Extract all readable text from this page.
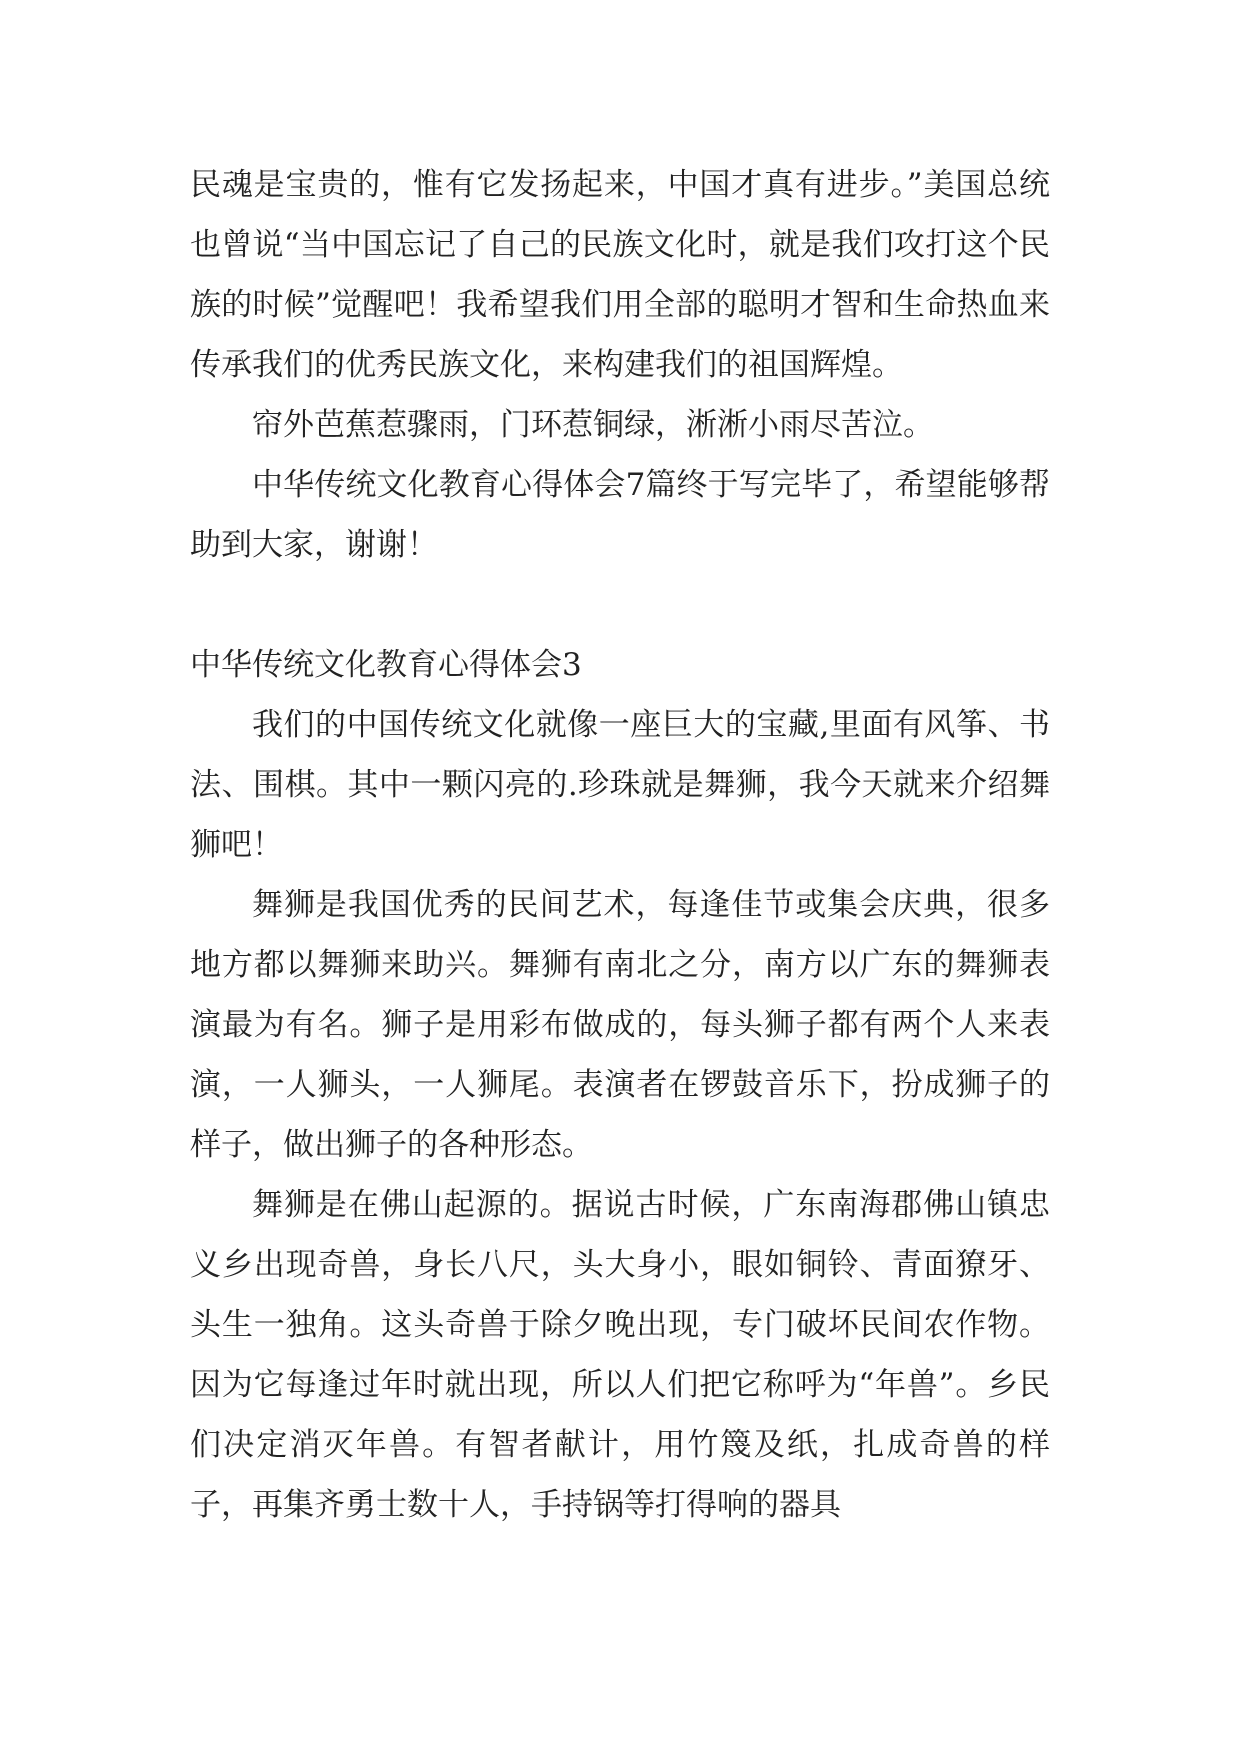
民魂是宝贵的，惟有它发扬起来，中国才真有进步。”美国总统也曾说“当中国忘记了自己的民族文化时，就是我们攻打这个民族的时候”觉醒吧！我希望我们用全部的聪明才智和生命热血来传承我们的优秀民族文化，来构建我们的祖国辉煌。

帘外芭蕉惹骤雨，门环惹铜绿，淅淅小雨尽苦泣。

中华传统文化教育心得体会7篇终于写完毕了，希望能够帮助到大家，谢谢！

中华传统文化教育心得体会3

我们的中国传统文化就像一座巨大的宝藏,里面有风筝、书法、围棋。其中一颗闪亮的.珍珠就是舞狮，我今天就来介绍舞狮吧！

舞狮是我国优秀的民间艺术，每逢佳节或集会庆典，很多地方都以舞狮来助兴。舞狮有南北之分，南方以广东的舞狮表演最为有名。狮子是用彩布做成的，每头狮子都有两个人来表演，一人狮头，一人狮尾。表演者在锣鼓音乐下，扮成狮子的样子，做出狮子的各种形态。

舞狮是在佛山起源的。据说古时候，广东南海郡佛山镇忠义乡出现奇兽，身长八尺，头大身小，眼如铜铃、青面獠牙、头生一独角。这头奇兽于除夕晚出现，专门破坏民间农作物。因为它每逢过年时就出现，所以人们把它称呼为“年兽”。乡民们决定消灭年兽。有智者献计，用竹篾及纸，扎成奇兽的样子，再集齐勇士数十人，手持锅等打得响的器具
